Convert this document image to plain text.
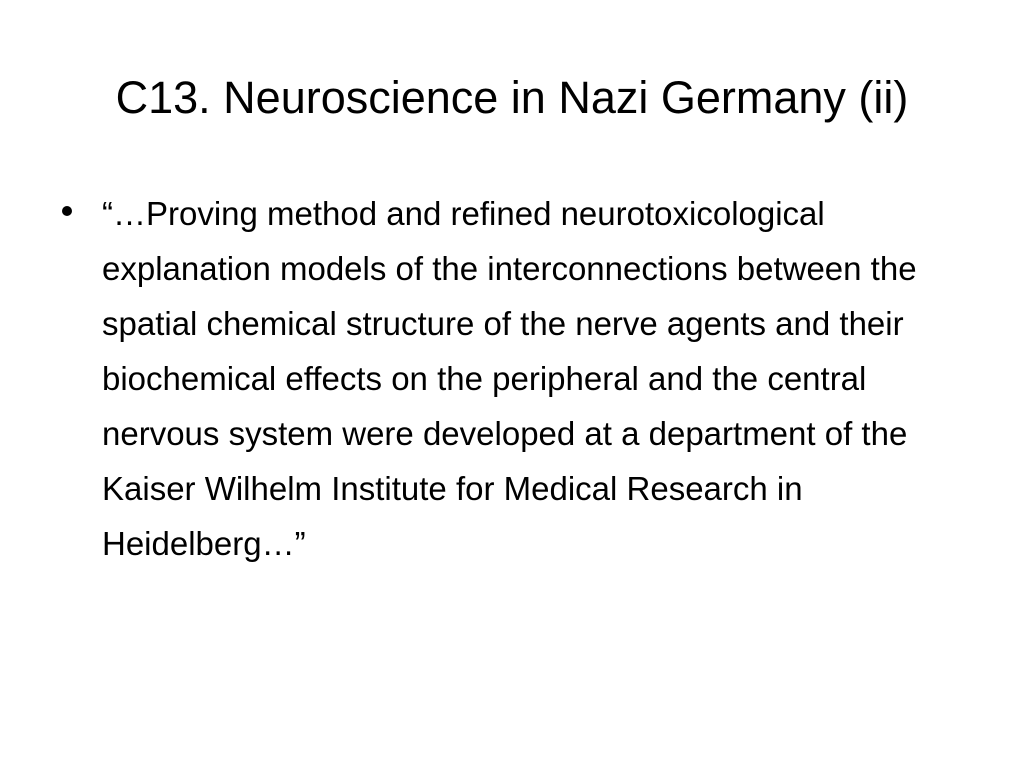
C13. Neuroscience in Nazi Germany (ii)
“…Proving method and refined neurotoxicological explanation models of the interconnections between the spatial chemical structure of the nerve agents and their biochemical effects on the peripheral and the central nervous system were developed at a department of the Kaiser Wilhelm Institute for Medical Research in Heidelberg…”
